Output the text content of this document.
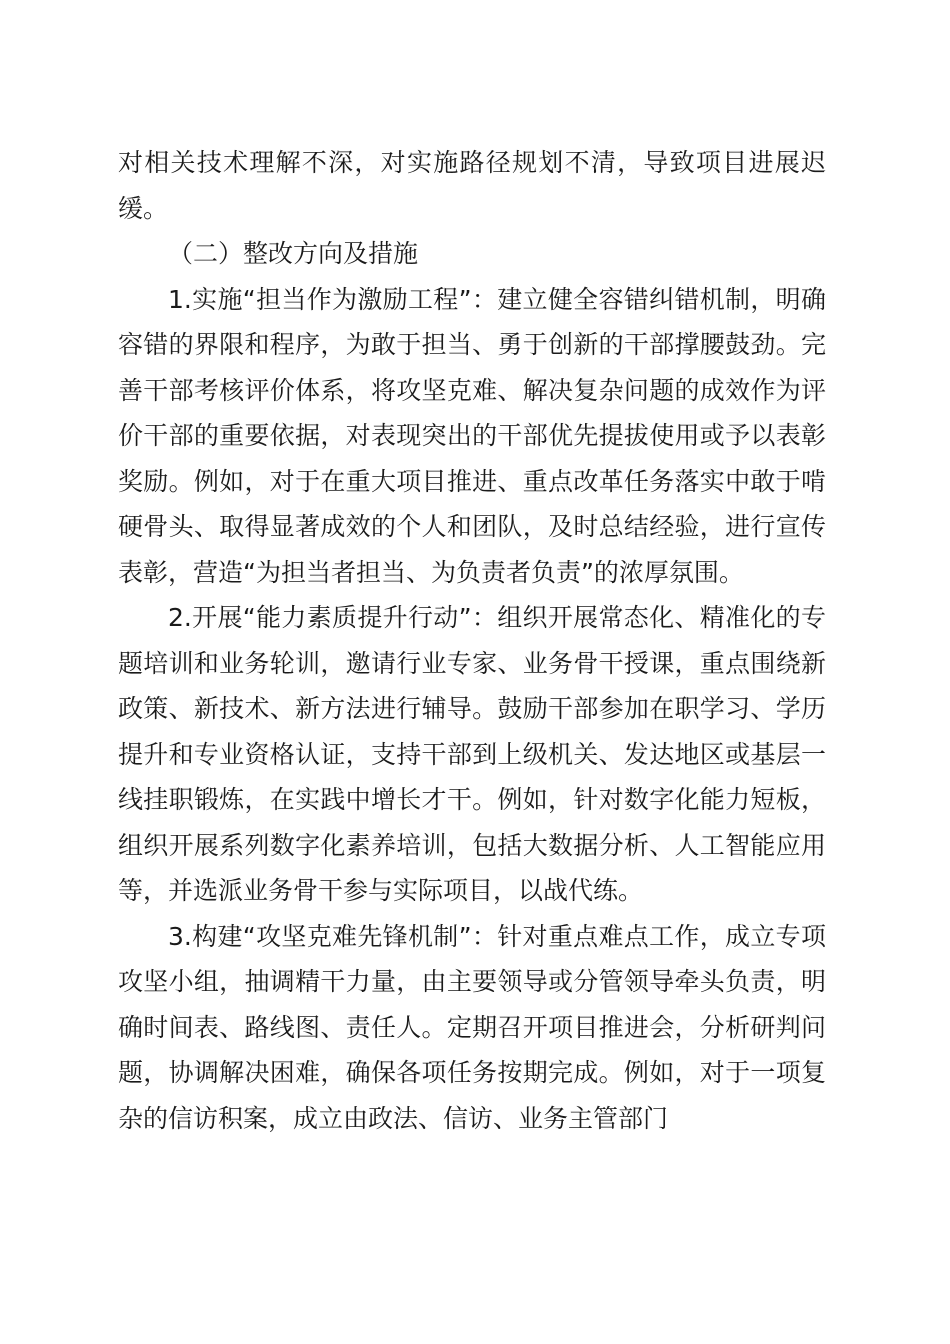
对相关技术理解不深，对实施路径规划不清，导致项目进展迟缓。

（二）整改方向及措施

1.实施“担当作为激励工程”：建立健全容错纠错机制，明确容错的界限和程序，为敢于担当、勇于创新的干部撑腰鼓劲。完善干部考核评价体系，将攻坚克难、解决复杂问题的成效作为评价干部的重要依据，对表现突出的干部优先提拔使用或予以表彰奖励。例如，对于在重大项目推进、重点改革任务落实中敢于啃硬骨头、取得显著成效的个人和团队，及时总结经验，进行宣传表彰，营造“为担当者担当、为负责者负责”的浓厚氛围。

2.开展“能力素质提升行动”：组织开展常态化、精准化的专题培训和业务轮训，邀请行业专家、业务骨干授课，重点围绕新政策、新技术、新方法进行辅导。鼓励干部参加在职学习、学历提升和专业资格认证，支持干部到上级机关、发达地区或基层一线挂职锻炼，在实践中增长才干。例如，针对数字化能力短板，组织开展系列数字化素养培训，包括大数据分析、人工智能应用等，并选派业务骨干参与实际项目，以战代练。

3.构建“攻坚克难先锋机制”：针对重点难点工作，成立专项攻坚小组，抽调精干力量，由主要领导或分管领导牵头负责，明确时间表、路线图、责任人。定期召开项目推进会，分析研判问题，协调解决困难，确保各项任务按期完成。例如，对于一项复杂的信访积案，成立由政法、信访、业务主管部门
